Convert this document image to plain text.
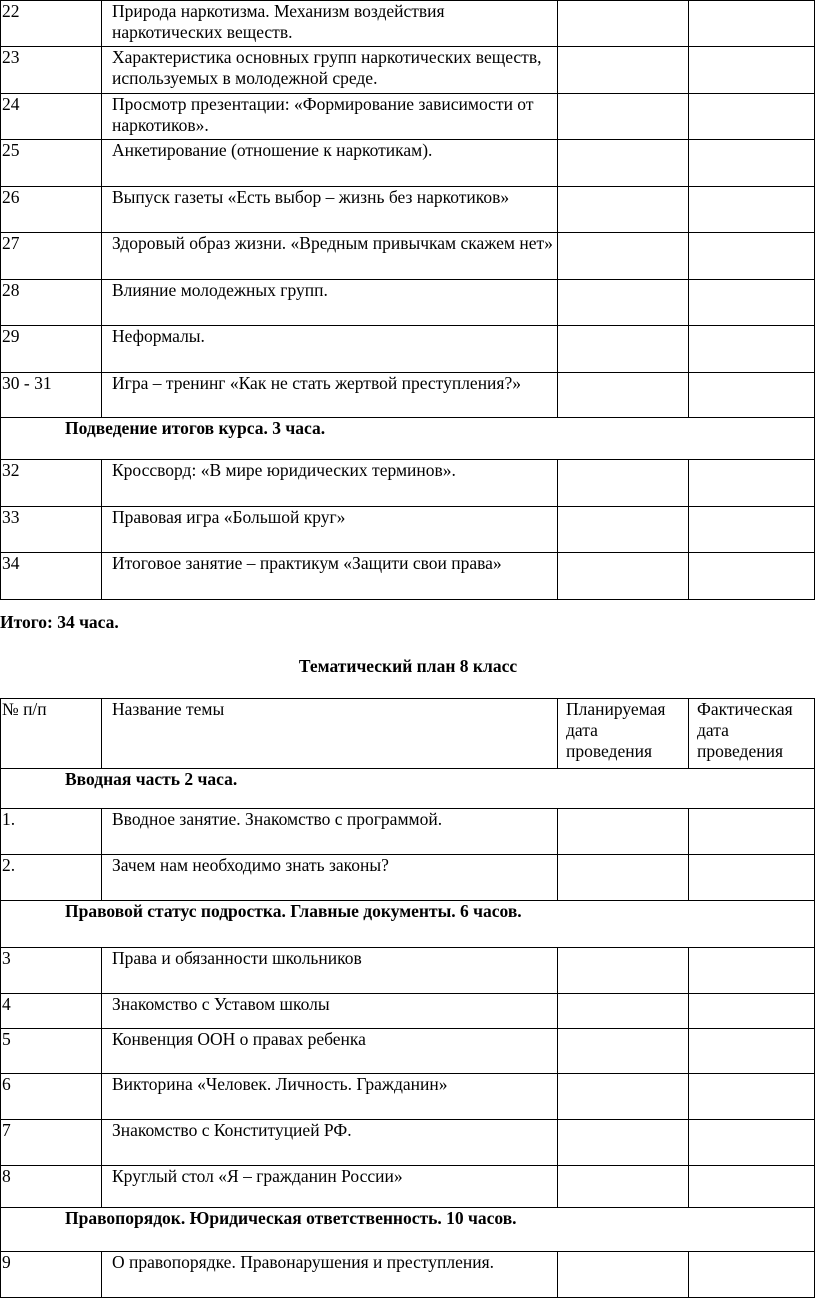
22	Природа наркотизма. Механизм воздействия наркотических веществ.		
23	Характеристика основных групп наркотических веществ, используемых в молодежной среде.		
24	Просмотр презентации: «Формирование зависимости от наркотиков».		
25	Анкетирование (отношение к наркотикам).		
26	Выпуск газеты «Есть выбор – жизнь без наркотиков»		
27	Здоровый образ жизни. «Вредным привычкам скажем нет»		
28	Влияние молодежных групп.		
29	Неформалы.		
30 - 31	Игра – тренинг «Как не стать жертвой преступления?»		
Подведение итогов курса. 3 часа.			
32	Кроссворд: «В мире юридических терминов».		
33	Правовая игра «Большой круг»		
34	Итоговое занятие – практикум «Защити свои права»		
Итого: 34 часа.
Тематический план 8 класс
№ п/п	Название темы	Планируемая дата проведения	Фактическая дата проведения
Вводная часть 2 часа.			
1.	Вводное занятие. Знакомство с программой.		
2.	Зачем нам необходимо знать законы?		
Правовой статус подростка. Главные документы. 6 часов.			
3	Права и обязанности школьников		
4	Знакомство с Уставом школы		
5	Конвенция ООН о правах ребенка		
6	Викторина «Человек. Личность. Гражданин»		
7	Знакомство с Конституцией РФ.		
8	Круглый стол «Я – гражданин России»		
Правопорядок. Юридическая ответственность. 10 часов.			
9	О правопорядке. Правонарушения и преступления.		
